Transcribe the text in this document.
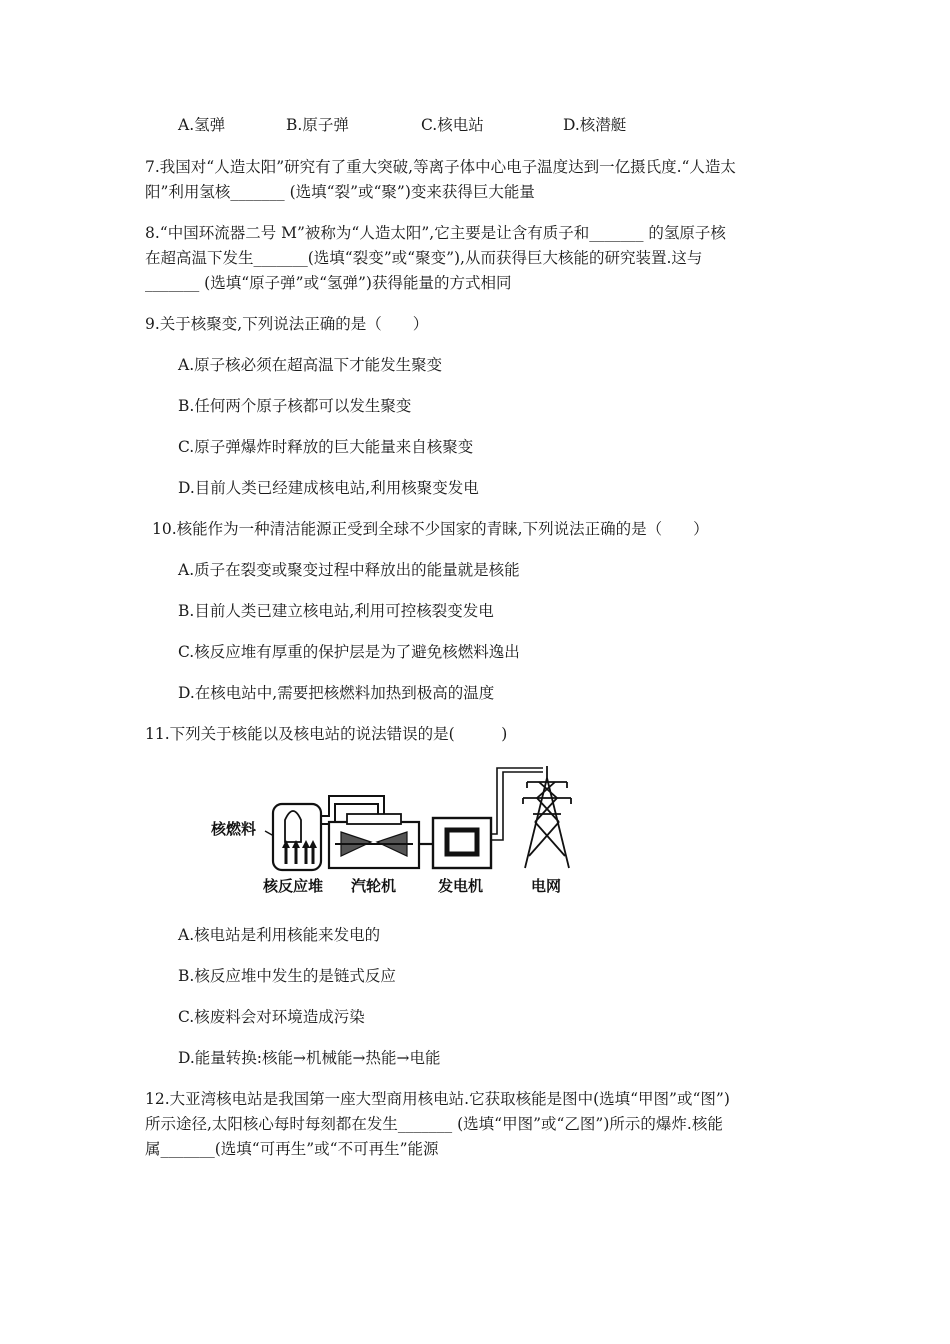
A.氢弹	B.原子弹	C.核电站	D.核潜艇
7.我国对“人造太阳”研究有了重大突破,等离子体中心电子温度达到一亿摄氏度.“人造太
阳”利用氢核_______ (选填“裂”或“聚”)变来获得巨大能量
8.“中国环流器二号 M”被称为“人造太阳”,它主要是让含有质子和_______ 的氢原子核
在超高温下发生_______(选填“裂变”或“聚变”),从而获得巨大核能的研究装置.这与
_______ (选填“原子弹”或“氢弹”)获得能量的方式相同
9.关于核聚变,下列说法正确的是（　　）
A.原子核必须在超高温下才能发生聚变
B.任何两个原子核都可以发生聚变
C.原子弹爆炸时释放的巨大能量来自核聚变
D.目前人类已经建成核电站,利用核聚变发电
10.核能作为一种清洁能源正受到全球不少国家的青睐,下列说法正确的是（　　）
A.质子在裂变或聚变过程中释放出的能量就是核能
B.目前人类已建立核电站,利用可控核裂变发电
C.核反应堆有厚重的保护层是为了避免核燃料逸出
D.在核电站中,需要把核燃料加热到极高的温度
11.下列关于核能以及核电站的说法错误的是(　　　)
核燃料
核反应堆 汽轮机	发电机	电网
A.核电站是利用核能来发电的
B.核反应堆中发生的是链式反应
C.核废料会对环境造成污染
D.能量转换:核能→机械能→热能→电能
12.大亚湾核电站是我国第一座大型商用核电站.它获取核能是图中(选填“甲图”或“图”)
所示途径,太阳核心每时每刻都在发生_______ (选填“甲图”或“乙图”)所示的爆炸.核能
属_______(选填“可再生”或“不可再生”能源
